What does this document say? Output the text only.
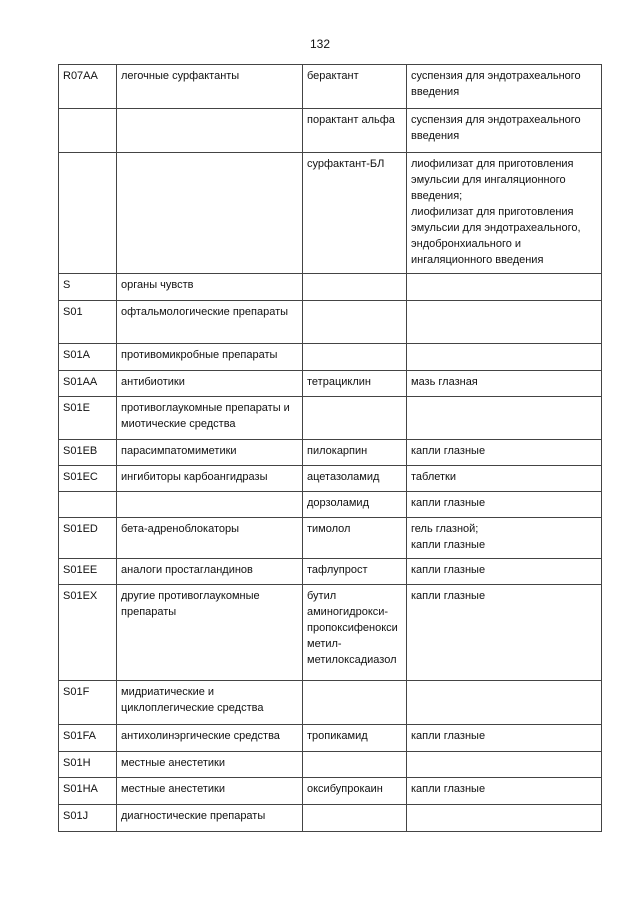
132
R07AA	легочные сурфактанты	берактант	суспензия для эндотрахеального введения
		порактант альфа	суспензия для эндотрахеального введения
		сурфактант-БЛ	лиофилизат для приготовления эмульсии для ингаляционного введения;
лиофилизат для приготовления эмульсии для эндотрахеального, эндобронхиального и ингаляционного введения
S	органы чувств		
S01	офтальмологические препараты		
S01A	противомикробные препараты		
S01AA	антибиотики	тетрациклин	мазь глазная
S01E	противоглаукомные препараты и миотические средства		
S01EB	парасимпатомиметики	пилокарпин	капли глазные
S01EC	ингибиторы карбоангидразы	ацетазоламид	таблетки
		дорзоламид	капли глазные
S01ED	бета-адреноблокаторы	тимолол	гель глазной;
капли глазные
S01EE	аналоги простагландинов	тафлупрост	капли глазные
S01EX	другие противоглаукомные препараты	бутил
аминогидрокси-
пропоксифенокси
метил-
метилоксадиазол	капли глазные
S01F	мидриатические и циклоплегические средства		
S01FA	антихолинэргические средства	тропикамид	капли глазные
S01H	местные анестетики		
S01HA	местные анестетики	оксибупрокаин	капли глазные
S01J	диагностические препараты		
